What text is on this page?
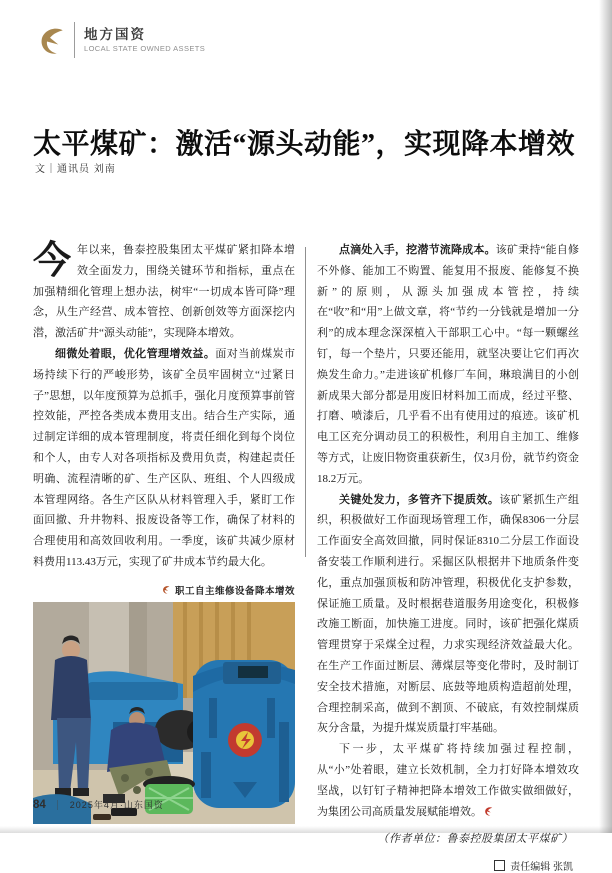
地方国资
LOCAL STATE OWNED ASSETS
太平煤矿：激活“源头动能”，实现降本增效
文｜通讯员 刘南

今年以来，鲁泰控股集团太平煤矿紧扣降本增效全面发力，围绕关键环节和指标，重点在加强精细化管理上想办法，树牢“一切成本皆可降”理念，从生产经营、成本管控、创新创效等方面深挖内潜，激活矿井“源头动能”，实现降本增效。

细微处着眼，优化管理增效益。面对当前煤炭市场持续下行的严峻形势，该矿全员牢固树立“过紧日子”思想，以年度预算为总抓手，强化月度预算事前管控效能，严控各类成本费用支出。结合生产实际，通过制定详细的成本管理制度，将责任细化到每个岗位和个人，由专人对各项指标及费用负责，构建起责任明确、流程清晰的矿、生产区队、班组、个人四级成本管理网络。各生产区队从材料管理入手，紧盯工作面回撤、升井物料、报废设备等工作，确保了材料的合理使用和高效回收利用。一季度，该矿共减少原材料费用113.43万元，实现了矿井成本节约最大化。

职工自主维修设备降本增效

点滴处入手，挖潜节流降成本。该矿秉持“能自修不外修、能加工不购置、能复用不报废、能修复不换新”的原则，从源头加强成本管控，持续在“收”和“用”上做文章，将“节约一分钱就是增加一分利”的成本理念深深植入干部职工心中。“每一颗螺丝钉，每一个垫片，只要还能用，就坚决要让它们再次焕发生命力。”走进该矿机修厂车间，琳琅满目的小创新成果大部分都是用废旧材料加工而成，经过平整、打磨、喷漆后，几乎看不出有使用过的痕迹。该矿机电工区充分调动员工的积极性，利用自主加工、维修等方式，让废旧物资重获新生，仅3月份，就节约资金18.2万元。

关键处发力，多管齐下提质效。该矿紧抓生产组织，积极做好工作面现场管理工作，确保8306一分层工作面安全高效回撤，同时保证8310二分层工作面设备安装工作顺利进行。采掘区队根据井下地质条件变化，重点加强顶板和防冲管理，积极优化支护参数，保证施工质量。及时根据巷道服务用途变化，积极修改施工断面，加快施工进度。同时，该矿把强化煤质管理贯穿于采煤全过程，力求实现经济效益最大化。在生产工作面过断层、薄煤层等变化带时，及时制订安全技术措施，对断层、底鼓等地质构造超前处理，合理控制采高，做到不割顶、不破底，有效控制煤质灰分含量，为提升煤炭质量打牢基础。

下一步，太平煤矿将持续加强过程控制，从“小”处着眼，建立长效机制，全力打好降本增效攻坚战，以钉钉子精神把降本增效工作做实做细做好，为集团公司高质量发展赋能增效。

（作者单位：鲁泰控股集团太平煤矿）

责任编辑 张凯
84 ｜ 2025年4月·山东国资
